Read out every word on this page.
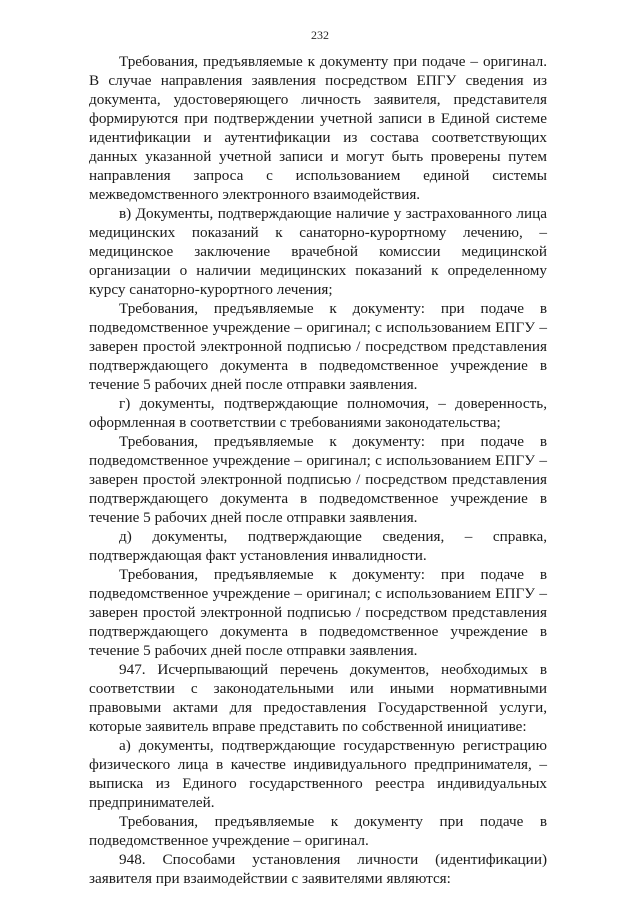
232

Требования, предъявляемые к документу при подаче – оригинал. В случае направления заявления посредством ЕПГУ сведения из документа, удостоверяющего личность заявителя, представителя формируются при подтверждении учетной записи в Единой системе идентификации и аутентификации из состава соответствующих данных указанной учетной записи и могут быть проверены путем направления запроса с использованием единой системы межведомственного электронного взаимодействия.

в) Документы, подтверждающие наличие у застрахованного лица медицинских показаний к санаторно-курортному лечению, – медицинское заключение врачебной комиссии медицинской организации о наличии медицинских показаний к определенному курсу санаторно-курортного лечения;

Требования, предъявляемые к документу: при подаче в подведомственное учреждение – оригинал; с использованием ЕПГУ – заверен простой электронной подписью / посредством представления подтверждающего документа в подведомственное учреждение в течение 5 рабочих дней после отправки заявления.

г) документы, подтверждающие полномочия, – доверенность, оформленная в соответствии с требованиями законодательства;

Требования, предъявляемые к документу: при подаче в подведомственное учреждение – оригинал; с использованием ЕПГУ – заверен простой электронной подписью / посредством представления подтверждающего документа в подведомственное учреждение в течение 5 рабочих дней после отправки заявления.

д) документы, подтверждающие сведения, – справка, подтверждающая факт установления инвалидности.

Требования, предъявляемые к документу: при подаче в подведомственное учреждение – оригинал; с использованием ЕПГУ – заверен простой электронной подписью / посредством представления подтверждающего документа в подведомственное учреждение в течение 5 рабочих дней после отправки заявления.

947. Исчерпывающий перечень документов, необходимых в соответствии с законодательными или иными нормативными правовыми актами для предоставления Государственной услуги, которые заявитель вправе представить по собственной инициативе:

а) документы, подтверждающие государственную регистрацию физического лица в качестве индивидуального предпринимателя, – выписка из Единого государственного реестра индивидуальных предпринимателей.

Требования, предъявляемые к документу при подаче в подведомственное учреждение – оригинал.

948. Способами установления личности (идентификации) заявителя при взаимодействии с заявителями являются:
